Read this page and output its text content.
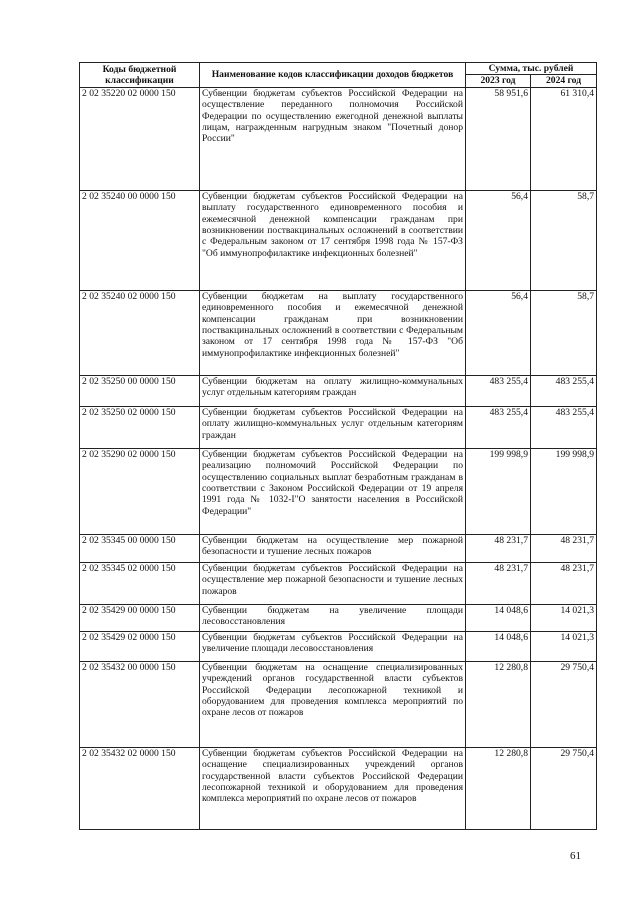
Коды бюджетной классификации	Наименование кодов классификации доходов бюджетов	Сумма, тыс. рублей	
		2023 год	2024 год
2 02 35220 02 0000 150	Субвенции бюджетам субъектов Российской Федерации на осуществление переданного полномочия Российской Федерации по осуществлению ежегодной денежной выплаты лицам, награжденным нагрудным знаком "Почетный донор России"	58 951,6	61 310,4
2 02 35240 00 0000 150	Субвенции бюджетам субъектов Российской Федерации на выплату государственного единовременного пособия и ежемесячной денежной компенсации гражданам при возникновении поствакцинальных осложнений в соответствии с Федеральным законом от 17 сентября 1998 года № 157-ФЗ "Об иммунопрофилактике инфекционных болезней"	56,4	58,7
2 02 35240 02 0000 150	Субвенции бюджетам на выплату государственного единовременного пособия и ежемесячной денежной компенсации гражданам при возникновении поствакцинальных осложнений в соответствии с Федеральным законом от 17 сентября 1998 года № 157-ФЗ "Об иммунопрофилактике инфекционных болезней"	56,4	58,7
2 02 35250 00 0000 150	Субвенции бюджетам на оплату жилищно-коммунальных услуг отдельным категориям граждан	483 255,4	483 255,4
2 02 35250 02 0000 150	Субвенции бюджетам субъектов Российской Федерации на оплату жилищно-коммунальных услуг отдельным категориям граждан	483 255,4	483 255,4
2 02 35290 02 0000 150	Субвенции бюджетам субъектов Российской Федерации на реализацию полномочий Российской Федерации по осуществлению социальных выплат безработным гражданам в соответствии с Законом Российской Федерации от 19 апреля 1991 года № 1032-I"О занятости населения в Российской Федерации"	199 998,9	199 998,9
2 02 35345 00 0000 150	Субвенции бюджетам на осуществление мер пожарной безопасности и тушение лесных пожаров	48 231,7	48 231,7
2 02 35345 02 0000 150	Субвенции бюджетам субъектов Российской Федерации на осуществление мер пожарной безопасности и тушение лесных пожаров	48 231,7	48 231,7
2 02 35429 00 0000 150	Субвенции бюджетам на увеличение площади лесовосстановления	14 048,6	14 021,3
2 02 35429 02 0000 150	Субвенции бюджетам субъектов Российской Федерации на увеличение площади лесовосстановления	14 048,6	14 021,3
2 02 35432 00 0000 150	Субвенции бюджетам на оснащение специализированных учреждений органов государственной власти субъектов Российской Федерации лесопожарной техникой и оборудованием для проведения комплекса мероприятий по охране лесов от пожаров	12 280,8	29 750,4
2 02 35432 02 0000 150	Субвенции бюджетам субъектов Российской Федерации на оснащение специализированных учреждений органов государственной власти субъектов Российской Федерации лесопожарной техникой и оборудованием для проведения комплекса мероприятий по охране лесов от пожаров	12 280,8	29 750,4
61
